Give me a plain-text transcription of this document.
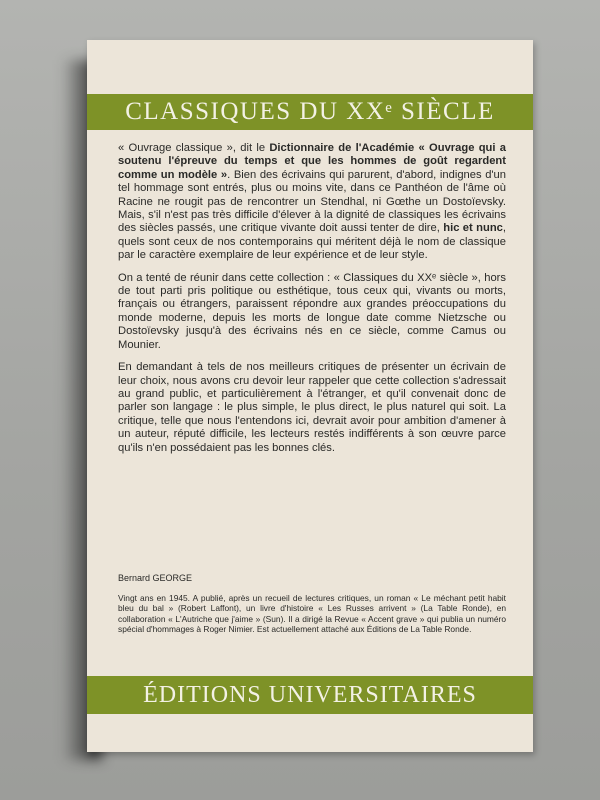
CLASSIQUES DU XXᵉ SIÈCLE

« Ouvrage classique », dit le Dictionnaire de l'Académie « Ouvrage qui a soutenu l'épreuve du temps et que les hommes de goût regardent comme un modèle ». Bien des écrivains qui parurent, d'abord, indignes d'un tel hommage sont entrés, plus ou moins vite, dans ce Panthéon de l'âme où Racine ne rougit pas de rencontrer un Stendhal, ni Gœthe un Dostoïevsky. Mais, s'il n'est pas très difficile d'élever à la dignité de classiques les écrivains des siècles passés, une critique vivante doit aussi tenter de dire, hic et nunc, quels sont ceux de nos contemporains qui méritent déjà le nom de classique par le caractère exemplaire de leur expérience et de leur style.

On a tenté de réunir dans cette collection : « Classiques du XXᵉ siècle », hors de tout parti pris politique ou esthétique, tous ceux qui, vivants ou morts, français ou étrangers, paraissent répondre aux grandes préoccupations du monde moderne, depuis les morts de longue date comme Nietzsche ou Dostoïevsky jusqu'à des écrivains nés en ce siècle, comme Camus ou Mounier.

En demandant à tels de nos meilleurs critiques de présenter un écrivain de leur choix, nous avons cru devoir leur rappeler que cette collection s'adressait au grand public, et particulièrement à l'étranger, et qu'il convenait donc de parler son langage : le plus simple, le plus direct, le plus naturel qui soit. La critique, telle que nous l'entendons ici, devrait avoir pour ambition d'amener à un auteur, réputé difficile, les lecteurs restés indifférents à son œuvre parce qu'ils n'en possédaient pas les bonnes clés.

Bernard GEORGE
Vingt ans en 1945. A publié, après un recueil de lectures critiques, un roman « Le méchant petit habit bleu du bal » (Robert Laffont), un livre d'histoire « Les Russes arrivent » (La Table Ronde), en collaboration « L'Autriche que j'aime » (Sun). Il a dirigé la Revue « Accent grave » qui publia un numéro spécial d'hommages à Roger Nimier. Est actuellement attaché aux Éditions de La Table Ronde.
ÉDITIONS UNIVERSITAIRES
